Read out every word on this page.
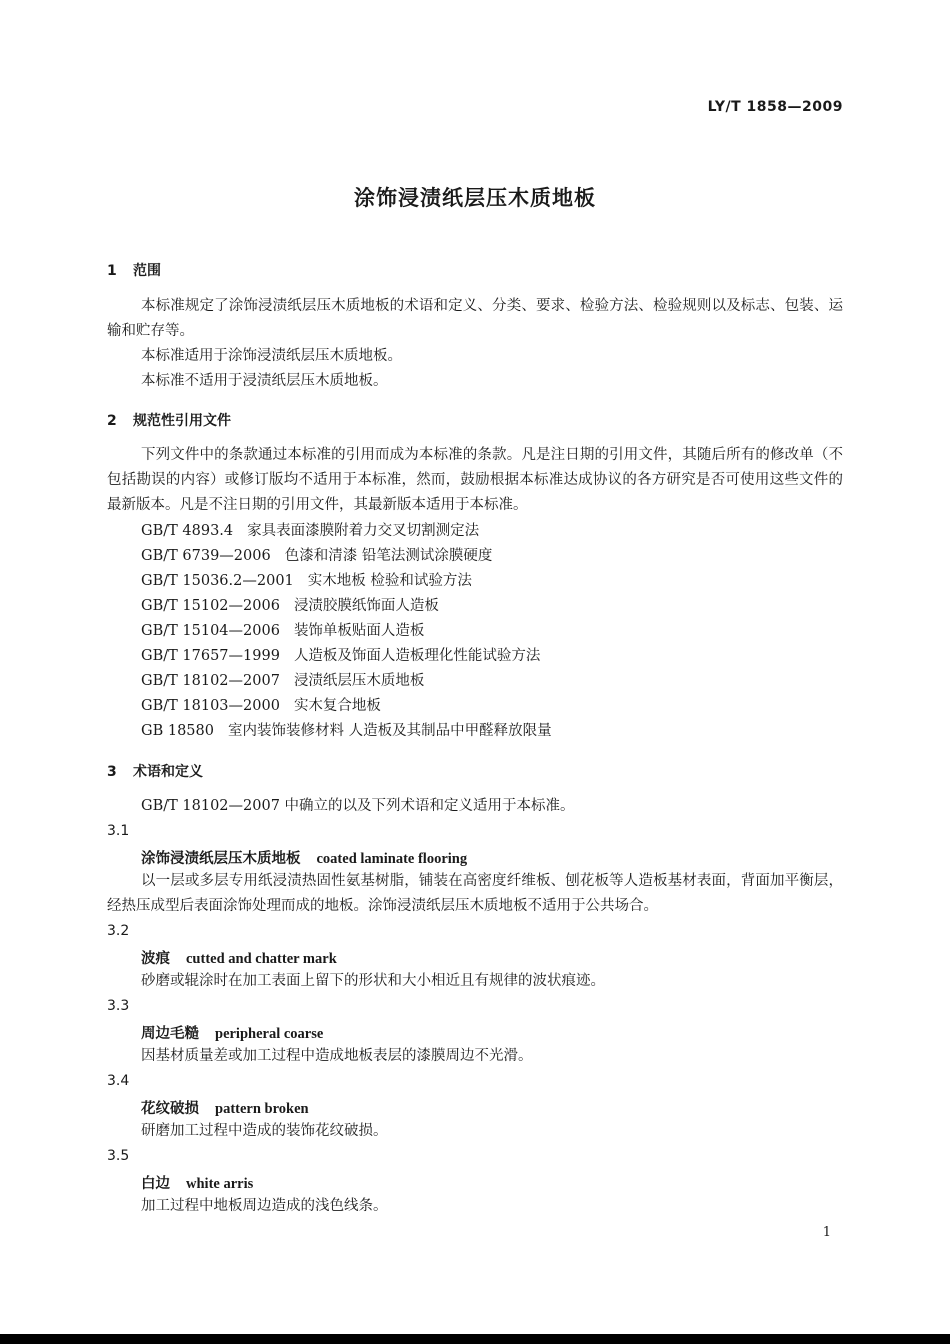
LY/T 1858—2009
涂饰浸渍纸层压木质地板
1 范围
本标准规定了涂饰浸渍纸层压木质地板的术语和定义、分类、要求、检验方法、检验规则以及标志、包装、运输和贮存等。
本标准适用于涂饰浸渍纸层压木质地板。
本标准不适用于浸渍纸层压木质地板。
2 规范性引用文件
下列文件中的条款通过本标准的引用而成为本标准的条款。凡是注日期的引用文件，其随后所有的修改单（不包括勘误的内容）或修订版均不适用于本标准，然而，鼓励根据本标准达成协议的各方研究是否可使用这些文件的最新版本。凡是不注日期的引用文件，其最新版本适用于本标准。
GB/T 4893.4 家具表面漆膜附着力交叉切割测定法
GB/T 6739—2006 色漆和清漆 铅笔法测试涂膜硬度
GB/T 15036.2—2001 实木地板 检验和试验方法
GB/T 15102—2006 浸渍胶膜纸饰面人造板
GB/T 15104—2006 装饰单板贴面人造板
GB/T 17657—1999 人造板及饰面人造板理化性能试验方法
GB/T 18102—2007 浸渍纸层压木质地板
GB/T 18103—2000 实木复合地板
GB 18580 室内装饰装修材料 人造板及其制品中甲醛释放限量
3 术语和定义
GB/T 18102—2007 中确立的以及下列术语和定义适用于本标准。
3.1
涂饰浸渍纸层压木质地板 coated laminate flooring
以一层或多层专用纸浸渍热固性氨基树脂，铺装在高密度纤维板、刨花板等人造板基材表面，背面加平衡层，经热压成型后表面涂饰处理而成的地板。涂饰浸渍纸层压木质地板不适用于公共场合。
3.2
波痕 cutted and chatter mark
砂磨或辊涂时在加工表面上留下的形状和大小相近且有规律的波状痕迹。
3.3
周边毛糙 peripheral coarse
因基材质量差或加工过程中造成地板表层的漆膜周边不光滑。
3.4
花纹破损 pattern broken
研磨加工过程中造成的装饰花纹破损。
3.5
白边 white arris
加工过程中地板周边造成的浅色线条。
1
